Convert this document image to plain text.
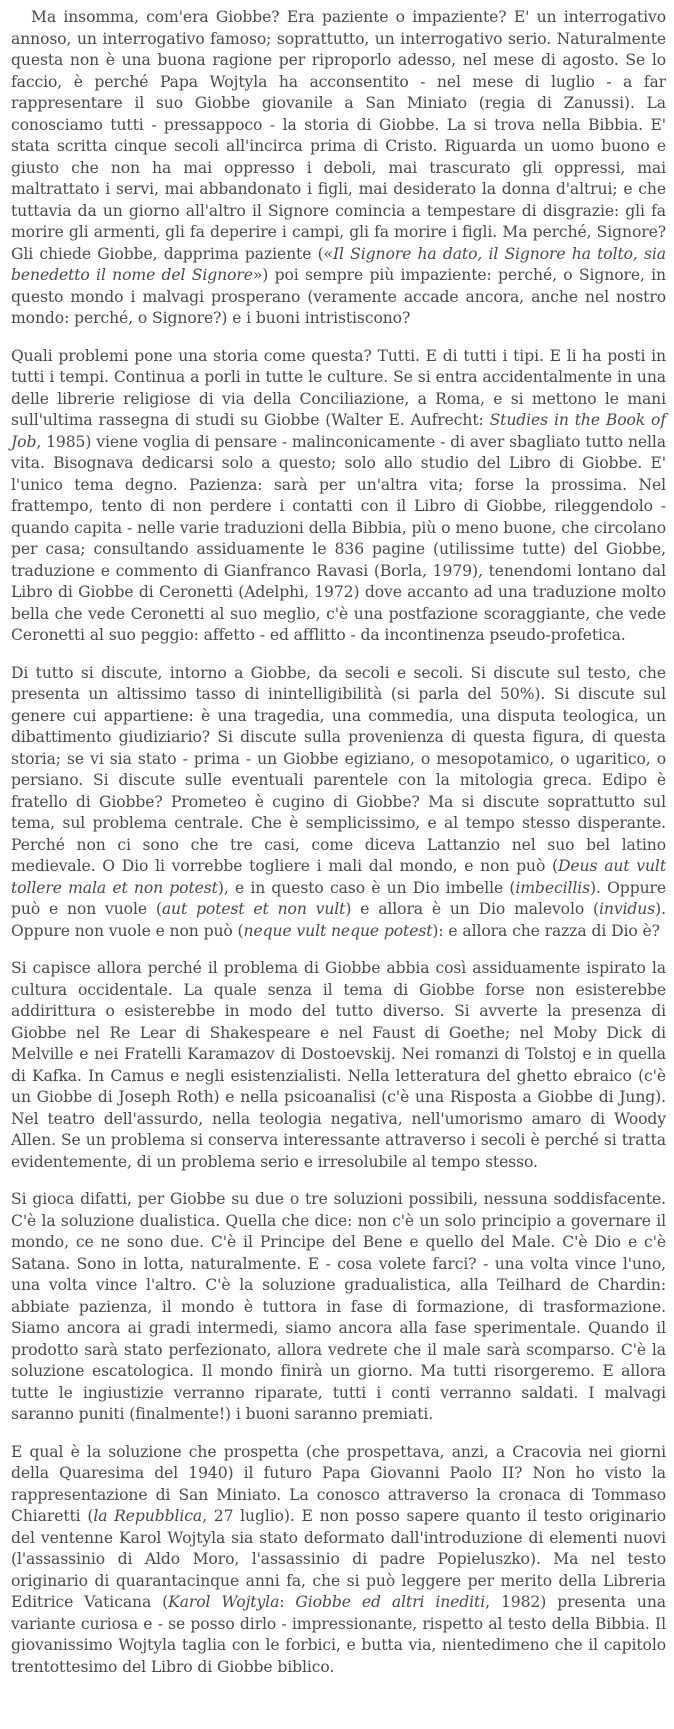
Ma insomma, com'era Giobbe? Era paziente o impaziente? E' un interrogativo annoso, un interrogativo famoso; soprattutto, un interrogativo serio. Naturalmente questa non è una buona ragione per riproporlo adesso, nel mese di agosto. Se lo faccio, è perché Papa Wojtyla ha acconsentito - nel mese di luglio - a far rappresentare il suo Giobbe giovanile a San Miniato (regia di Zanussi). La conosciamo tutti - pressappoco - la storia di Giobbe. La si trova nella Bibbia. E' stata scritta cinque secoli all'incirca prima di Cristo. Riguarda un uomo buono e giusto che non ha mai oppresso i deboli, mai trascurato gli oppressi, mai maltrattato i servi, mai abbandonato i figli, mai desiderato la donna d'altrui; e che tuttavia da un giorno all'altro il Signore comincia a tempestare di disgrazie: gli fa morire gli armenti, gli fa deperire i campi, gli fa morire i figli. Ma perché, Signore? Gli chiede Giobbe, dapprima paziente («Il Signore ha dato, il Signore ha tolto, sia benedetto il nome del Signore») poi sempre più impaziente: perché, o Signore, in questo mondo i malvagi prosperano (veramente accade ancora, anche nel nostro mondo: perché, o Signore?) e i buoni intristiscono?

Quali problemi pone una storia come questa? Tutti. E di tutti i tipi. E li ha posti in tutti i tempi. Continua a porli in tutte le culture. Se si entra accidentalmente in una delle librerie religiose di via della Conciliazione, a Roma, e si mettono le mani sull'ultima rassegna di studi su Giobbe (Walter E. Aufrecht: Studies in the Book of Job, 1985) viene voglia di pensare - malinconicamente - di aver sbagliato tutto nella vita. Bisognava dedicarsi solo a questo; solo allo studio del Libro di Giobbe. E' l'unico tema degno. Pazienza: sarà per un'altra vita; forse la prossima. Nel frattempo, tento di non perdere i contatti con il Libro di Giobbe, rileggendolo - quando capita - nelle varie traduzioni della Bibbia, più o meno buone, che circolano per casa; consultando assiduamente le 836 pagine (utilissime tutte) del Giobbe, traduzione e commento di Gianfranco Ravasi (Borla, 1979), tenendomi lontano dal Libro di Giobbe di Ceronetti (Adelphi, 1972) dove accanto ad una traduzione molto bella che vede Ceronetti al suo meglio, c'è una postfazione scoraggiante, che vede Ceronetti al suo peggio: affetto - ed afflitto - da incontinenza pseudo-profetica.

Di tutto si discute, intorno a Giobbe, da secoli e secoli. Si discute sul testo, che presenta un altissimo tasso di inintelligibilità (si parla del 50%). Si discute sul genere cui appartiene: è una tragedia, una commedia, una disputa teologica, un dibattimento giudiziario? Si discute sulla provenienza di questa figura, di questa storia; se vi sia stato - prima - un Giobbe egiziano, o mesopotamico, o ugaritico, o persiano. Si discute sulle eventuali parentele con la mitologia greca. Edipo è fratello di Giobbe? Prometeo è cugino di Giobbe? Ma si discute soprattutto sul tema, sul problema centrale. Che è semplicissimo, e al tempo stesso disperante. Perché non ci sono che tre casi, come diceva Lattanzio nel suo bel latino medievale. O Dio li vorrebbe togliere i mali dal mondo, e non può (Deus aut vult tollere mala et non potest), e in questo caso è un Dio imbelle (imbecillis). Oppure può e non vuole (aut potest et non vult) e allora è un Dio malevolo (invidus). Oppure non vuole e non può (neque vult neque potest): e allora che razza di Dio è?

Si capisce allora perché il problema di Giobbe abbia così assiduamente ispirato la cultura occidentale. La quale senza il tema di Giobbe forse non esisterebbe addirittura o esisterebbe in modo del tutto diverso. Si avverte la presenza di Giobbe nel Re Lear di Shakespeare e nel Faust di Goethe; nel Moby Dick di Melville e nei Fratelli Karamazov di Dostoevskij. Nei romanzi di Tolstoj e in quella di Kafka. In Camus e negli esistenzialisti. Nella letteratura del ghetto ebraico (c'è un Giobbe di Joseph Roth) e nella psicoanalisi (c'è una Risposta a Giobbe di Jung). Nel teatro dell'assurdo, nella teologia negativa, nell'umorismo amaro di Woody Allen. Se un problema si conserva interessante attraverso i secoli è perché si tratta evidentemente, di un problema serio e irresolubile al tempo stesso.

Si gioca difatti, per Giobbe su due o tre soluzioni possibili, nessuna soddisfacente. C'è la soluzione dualistica. Quella che dice: non c'è un solo principio a governare il mondo, ce ne sono due. C'è il Principe del Bene e quello del Male. C'è Dio e c'è Satana. Sono in lotta, naturalmente. E - cosa volete farci? - una volta vince l'uno, una volta vince l'altro. C'è la soluzione gradualistica, alla Teilhard de Chardin: abbiate pazienza, il mondo è tuttora in fase di formazione, di trasformazione. Siamo ancora ai gradi intermedi, siamo ancora alla fase sperimentale. Quando il prodotto sarà stato perfezionato, allora vedrete che il male sarà scomparso. C'è la soluzione escatologica. Il mondo finirà un giorno. Ma tutti risorgeremo. E allora tutte le ingiustizie verranno riparate, tutti i conti verranno saldati. I malvagi saranno puniti (finalmente!) i buoni saranno premiati.

E qual è la soluzione che prospetta (che prospettava, anzi, a Cracovia nei giorni della Quaresima del 1940) il futuro Papa Giovanni Paolo II? Non ho visto la rappresentazione di San Miniato. La conosco attraverso la cronaca di Tommaso Chiaretti (la Repubblica, 27 luglio). E non posso sapere quanto il testo originario del ventenne Karol Wojtyla sia stato deformato dall'introduzione di elementi nuovi (l'assassinio di Aldo Moro, l'assassinio di padre Popieluszko). Ma nel testo originario di quarantacinque anni fa, che si può leggere per merito della Libreria Editrice Vaticana (Karol Wojtyla: Giobbe ed altri inediti, 1982) presenta una variante curiosa e - se posso dirlo - impressionante, rispetto al testo della Bibbia. Il giovanissimo Wojtyla taglia con le forbici, e butta via, nientedimeno che il capitolo trentottesimo del Libro di Giobbe biblico.
